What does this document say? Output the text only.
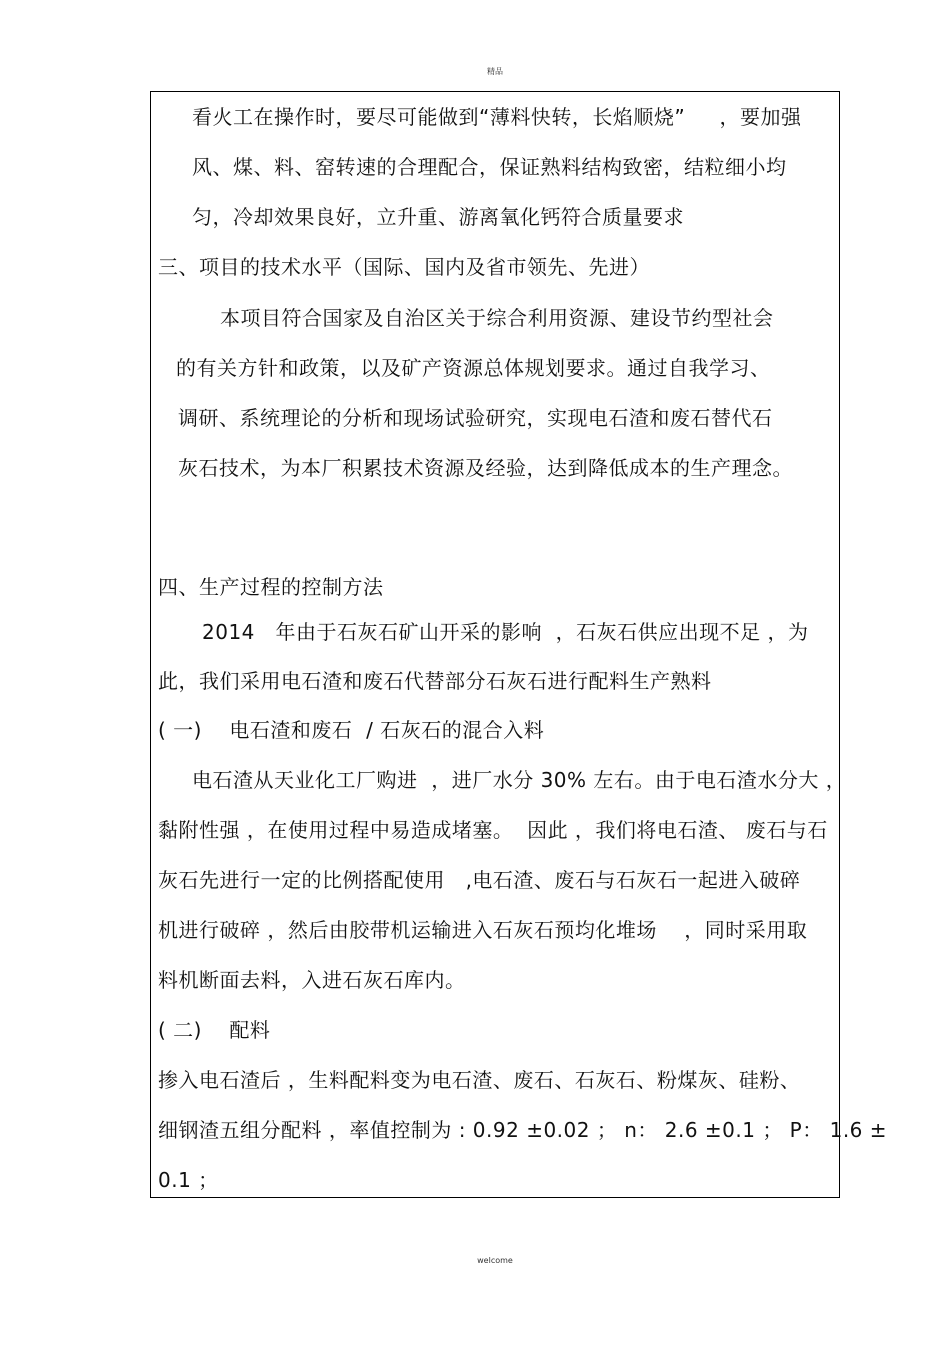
精品
看火工在操作时，要尽可能做到“薄料快转，长焰顺烧”     ，要加强
风、煤、料、窑转速的合理配合，保证熟料结构致密，结粒细小均
匀，冷却效果良好，立升重、游离氧化钙符合质量要求
三、项目的技术水平（国际、国内及省市领先、先进）
本项目符合国家及自治区关于综合利用资源、建设节约型社会
的有关方针和政策，以及矿产资源总体规划要求。通过自我学习、
调研、系统理论的分析和现场试验研究，实现电石渣和废石替代石
灰石技术，为本厂积累技术资源及经验，达到降低成本的生产理念。
四、生产过程的控制方法
2014   年由于石灰石矿山开采的影响  ，石灰石供应出现不足 ，为
此，我们采用电石渣和废石代替部分石灰石进行配料生产熟料
( 一)    电石渣和废石  / 石灰石的混合入料
电石渣从天业化工厂购进  ，进厂水分 30% 左右。由于电石渣水分大 ，
黏附性强 ，在使用过程中易造成堵塞。  因此 ，我们将电石渣、 废石与石
灰石先进行一定的比例搭配使用   ,电石渣、废石与石灰石一起进入破碎
机进行破碎 ，然后由胶带机运输进入石灰石预均化堆场    ，同时采用取
料机断面去料，入进石灰石库内。
( 二)    配料
掺入电石渣后 ，生料配料变为电石渣、废石、石灰石、粉煤灰、硅粉、
细钢渣五组分配料 ，率值控制为 : 0.92 ±0.02 ； n： 2.6 ±0.1 ； P： 1.6 ±
0.1 ；
welcome
